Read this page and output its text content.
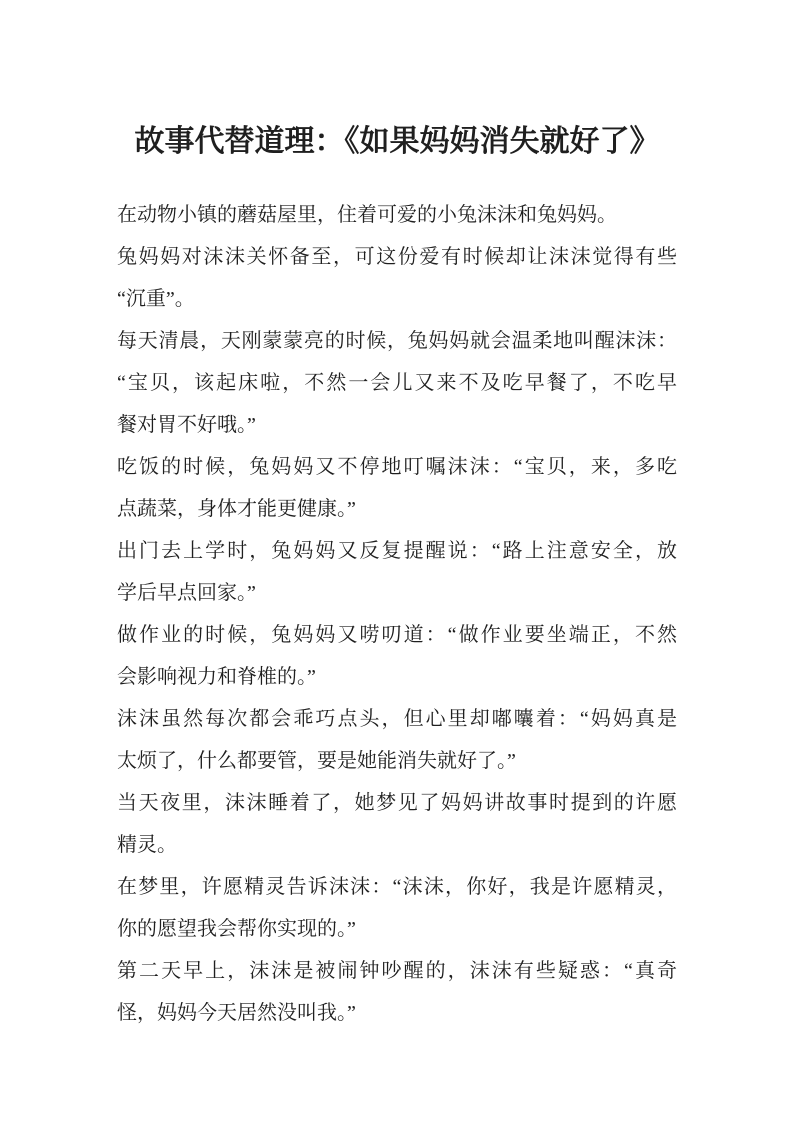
故事代替道理：《如果妈妈消失就好了》
在动物小镇的蘑菇屋里，住着可爱的小兔沫沫和兔妈妈。
兔妈妈对沫沫关怀备至，可这份爱有时候却让沫沫觉得有些
“沉重”。
每天清晨，天刚蒙蒙亮的时候，兔妈妈就会温柔地叫醒沫沫：
“宝贝，该起床啦，不然一会儿又来不及吃早餐了，不吃早
餐对胃不好哦。”
吃饭的时候，兔妈妈又不停地叮嘱沫沫：“宝贝，来，多吃
点蔬菜，身体才能更健康。”
出门去上学时，兔妈妈又反复提醒说：“路上注意安全，放
学后早点回家。”
做作业的时候，兔妈妈又唠叨道：“做作业要坐端正，不然
会影响视力和脊椎的。”
沫沫虽然每次都会乖巧点头，但心里却嘟囔着：“妈妈真是
太烦了，什么都要管，要是她能消失就好了。”
当天夜里，沫沫睡着了，她梦见了妈妈讲故事时提到的许愿
精灵。
在梦里，许愿精灵告诉沫沫：“沫沫，你好，我是许愿精灵，
你的愿望我会帮你实现的。”
第二天早上，沫沫是被闹钟吵醒的，沫沫有些疑惑：“真奇
怪，妈妈今天居然没叫我。”
